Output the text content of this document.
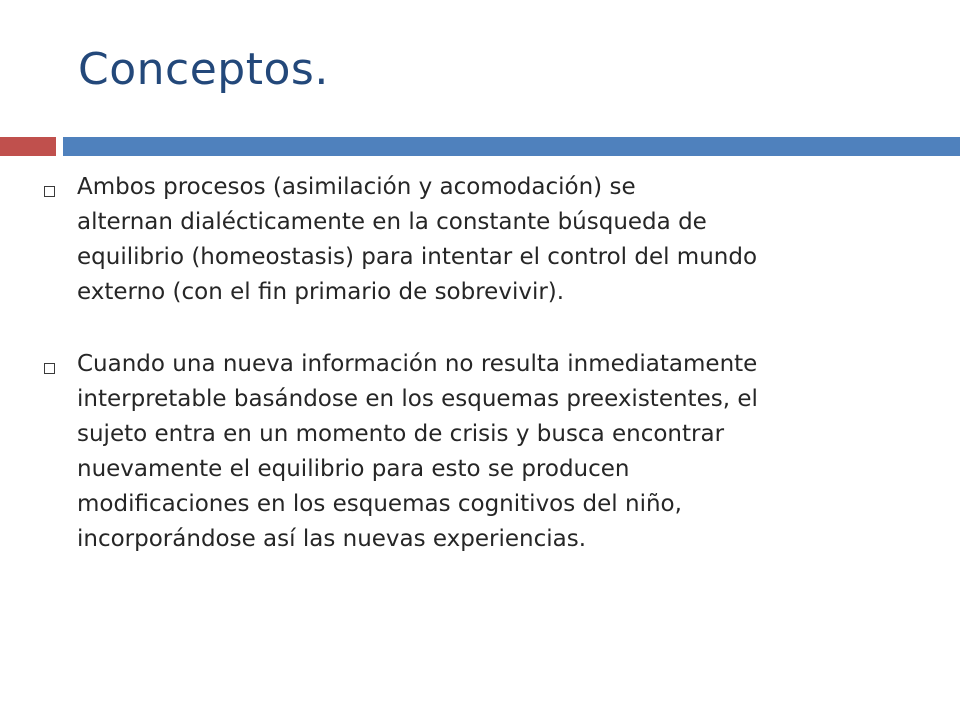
Conceptos.
Ambos procesos (asimilación y acomodación) se
alternan dialécticamente en la constante búsqueda de
equilibrio (homeostasis) para intentar el control del mundo
externo (con el fin primario de sobrevivir).
Cuando una nueva información no resulta inmediatamente
interpretable basándose en los esquemas preexistentes, el
sujeto entra en un momento de crisis y busca encontrar
nuevamente el equilibrio para esto se producen
modificaciones en los esquemas cognitivos del niño,
incorporándose así las nuevas experiencias.
